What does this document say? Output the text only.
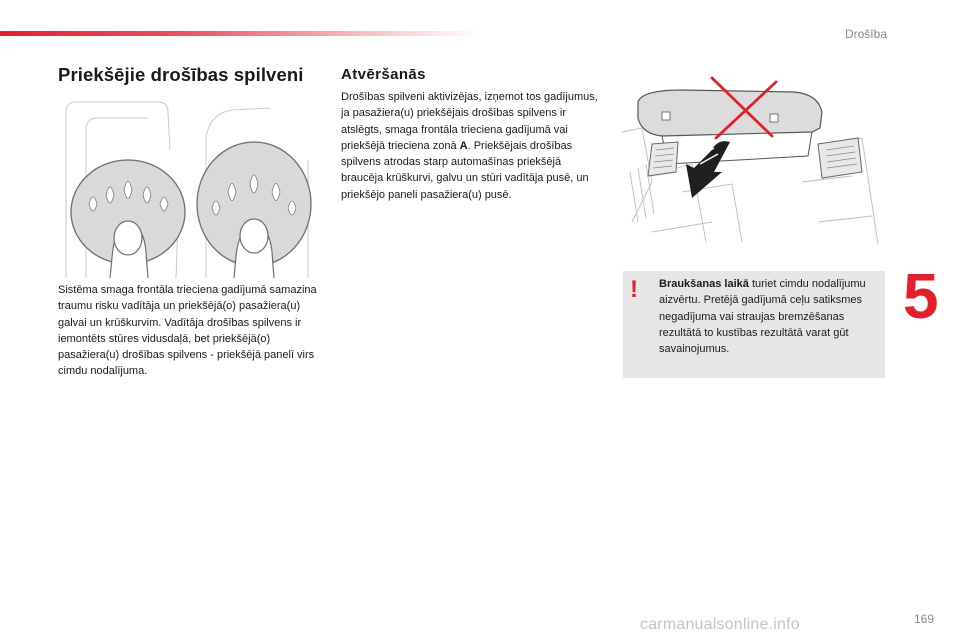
Drošība
Priekšējie drošības spilveni

Sistēma smaga frontāla trieciena gadījumā samazina traumu risku vadītāja un priekšējā(o) pasažiera(u) galvai un krūškurvim. Vadītāja drošības spilvens ir iemontēts stūres vidusdaļā, bet priekšējā(o) pasažiera(u) drošības spilvens - priekšējā panelī virs cimdu nodalījuma.

Atvēršanās

Drošības spilveni aktivizējas, izņemot tos gadījumus, ja pasažiera(u) priekšējais drošības spilvens ir atslēgts, smaga frontāla trieciena gadījumā vai priekšējā trieciena zonā A. Priekšējais drošības spilvens atrodas starp automašīnas priekšējā braucēja krūškurvi, galvu un stūri vadītāja pusē, un priekšējo paneli pasažiera(u) pusē.

! Braukšanas laikā turiet cimdu nodalījumu aizvērtu. Pretējā gadījumā ceļu satiksmes negadījuma vai straujas bremzēšanas rezultātā to kustības rezultātā varat gūt savainojumus.

5
carmanualsonline.info	169
